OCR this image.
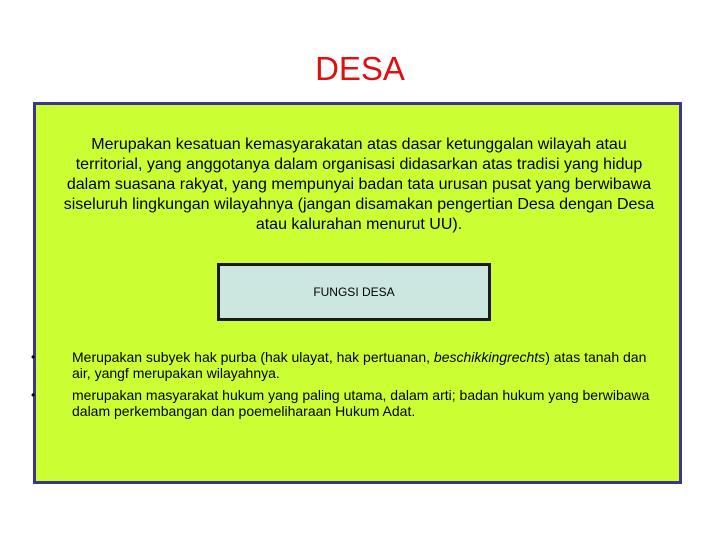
DESA

Merupakan kesatuan kemasyarakatan atas dasar ketunggalan wilayah atau territorial, yang anggotanya dalam organisasi didasarkan atas tradisi yang hidup dalam suasana rakyat, yang mempunyai badan tata urusan pusat yang berwibawa siseluruh lingkungan wilayahnya (jangan disamakan pengertian Desa dengan Desa atau kalurahan menurut UU).

FUNGSI DESA
•	Merupakan subyek hak purba (hak ulayat, hak pertuanan, beschikkingrechts) atas tanah dan air, yangf merupakan wilayahnya.
•	merupakan masyarakat hukum yang paling utama, dalam arti; badan hukum yang berwibawa dalam perkembangan dan poemeliharaan Hukum Adat.
